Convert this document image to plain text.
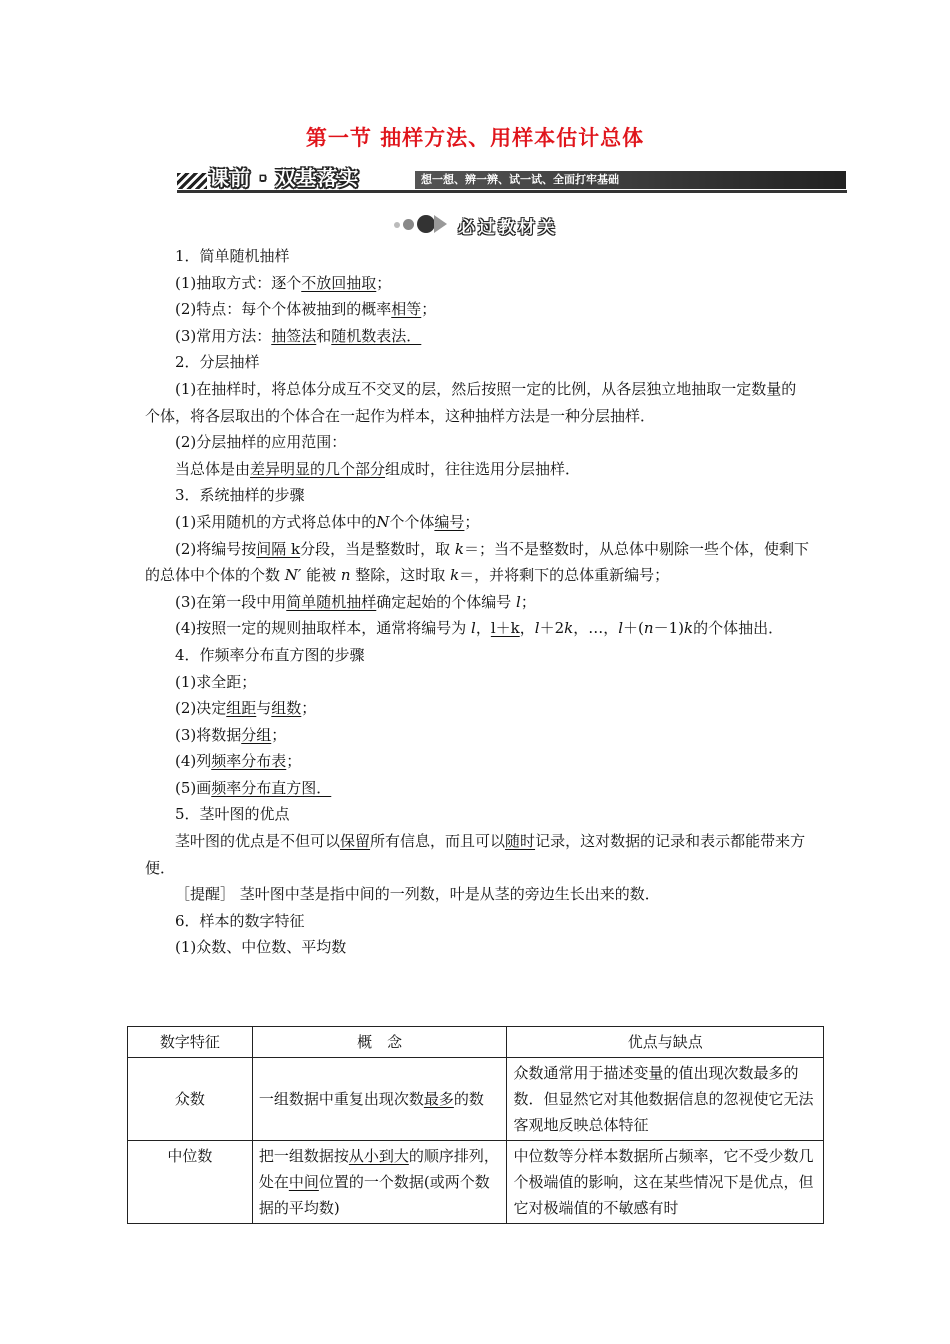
第一节 抽样方法、用样本估计总体
课前 · 双基落实	想一想、辨一辨、试一试、全面打牢基础
必过教材关

1．简单随机抽样

(1)抽取方式：逐个不放回抽取；

(2)特点：每个个体被抽到的概率相等；

(3)常用方法：抽签法和随机数表法．

2．分层抽样

(1)在抽样时，将总体分成互不交叉的层，然后按照一定的比例，从各层独立地抽取一定数量的个体，将各层取出的个体合在一起作为样本，这种抽样方法是一种分层抽样．

(2)分层抽样的应用范围：

当总体是由差异明显的几个部分组成时，往往选用分层抽样．

3．系统抽样的步骤

(1)采用随机的方式将总体中的N个个体编号；

(2)将编号按间隔 k分段，当是整数时，取 k＝；当不是整数时，从总体中剔除一些个体，使剩下的总体中个体的个数 N′ 能被 n 整除，这时取 k＝，并将剩下的总体重新编号；

(3)在第一段中用简单随机抽样确定起始的个体编号 l；

(4)按照一定的规则抽取样本，通常将编号为 l，l＋k，l＋2k，…，l＋(n－1)k的个体抽出．

4．作频率分布直方图的步骤

(1)求全距；

(2)决定组距与组数；

(3)将数据分组；

(4)列频率分布表；

(5)画频率分布直方图．

5．茎叶图的优点

茎叶图的优点是不但可以保留所有信息，而且可以随时记录，这对数据的记录和表示都能带来方便．

［提醒］ 茎叶图中茎是指中间的一列数，叶是从茎的旁边生长出来的数．

6．样本的数字特征

(1)众数、中位数、平均数

数字特征	概　念	优点与缺点
众数	一组数据中重复出现次数最多的数	众数通常用于描述变量的值出现次数最多的数．但显然它对其他数据信息的忽视使它无法客观地反映总体特征
中位数	把一组数据按从小到大的顺序排列，处在中间位置的一个数据(或两个数据的平均数)	中位数等分样本数据所占频率，它不受少数几个极端值的影响，这在某些情况下是优点，但它对极端值的不敏感有时
